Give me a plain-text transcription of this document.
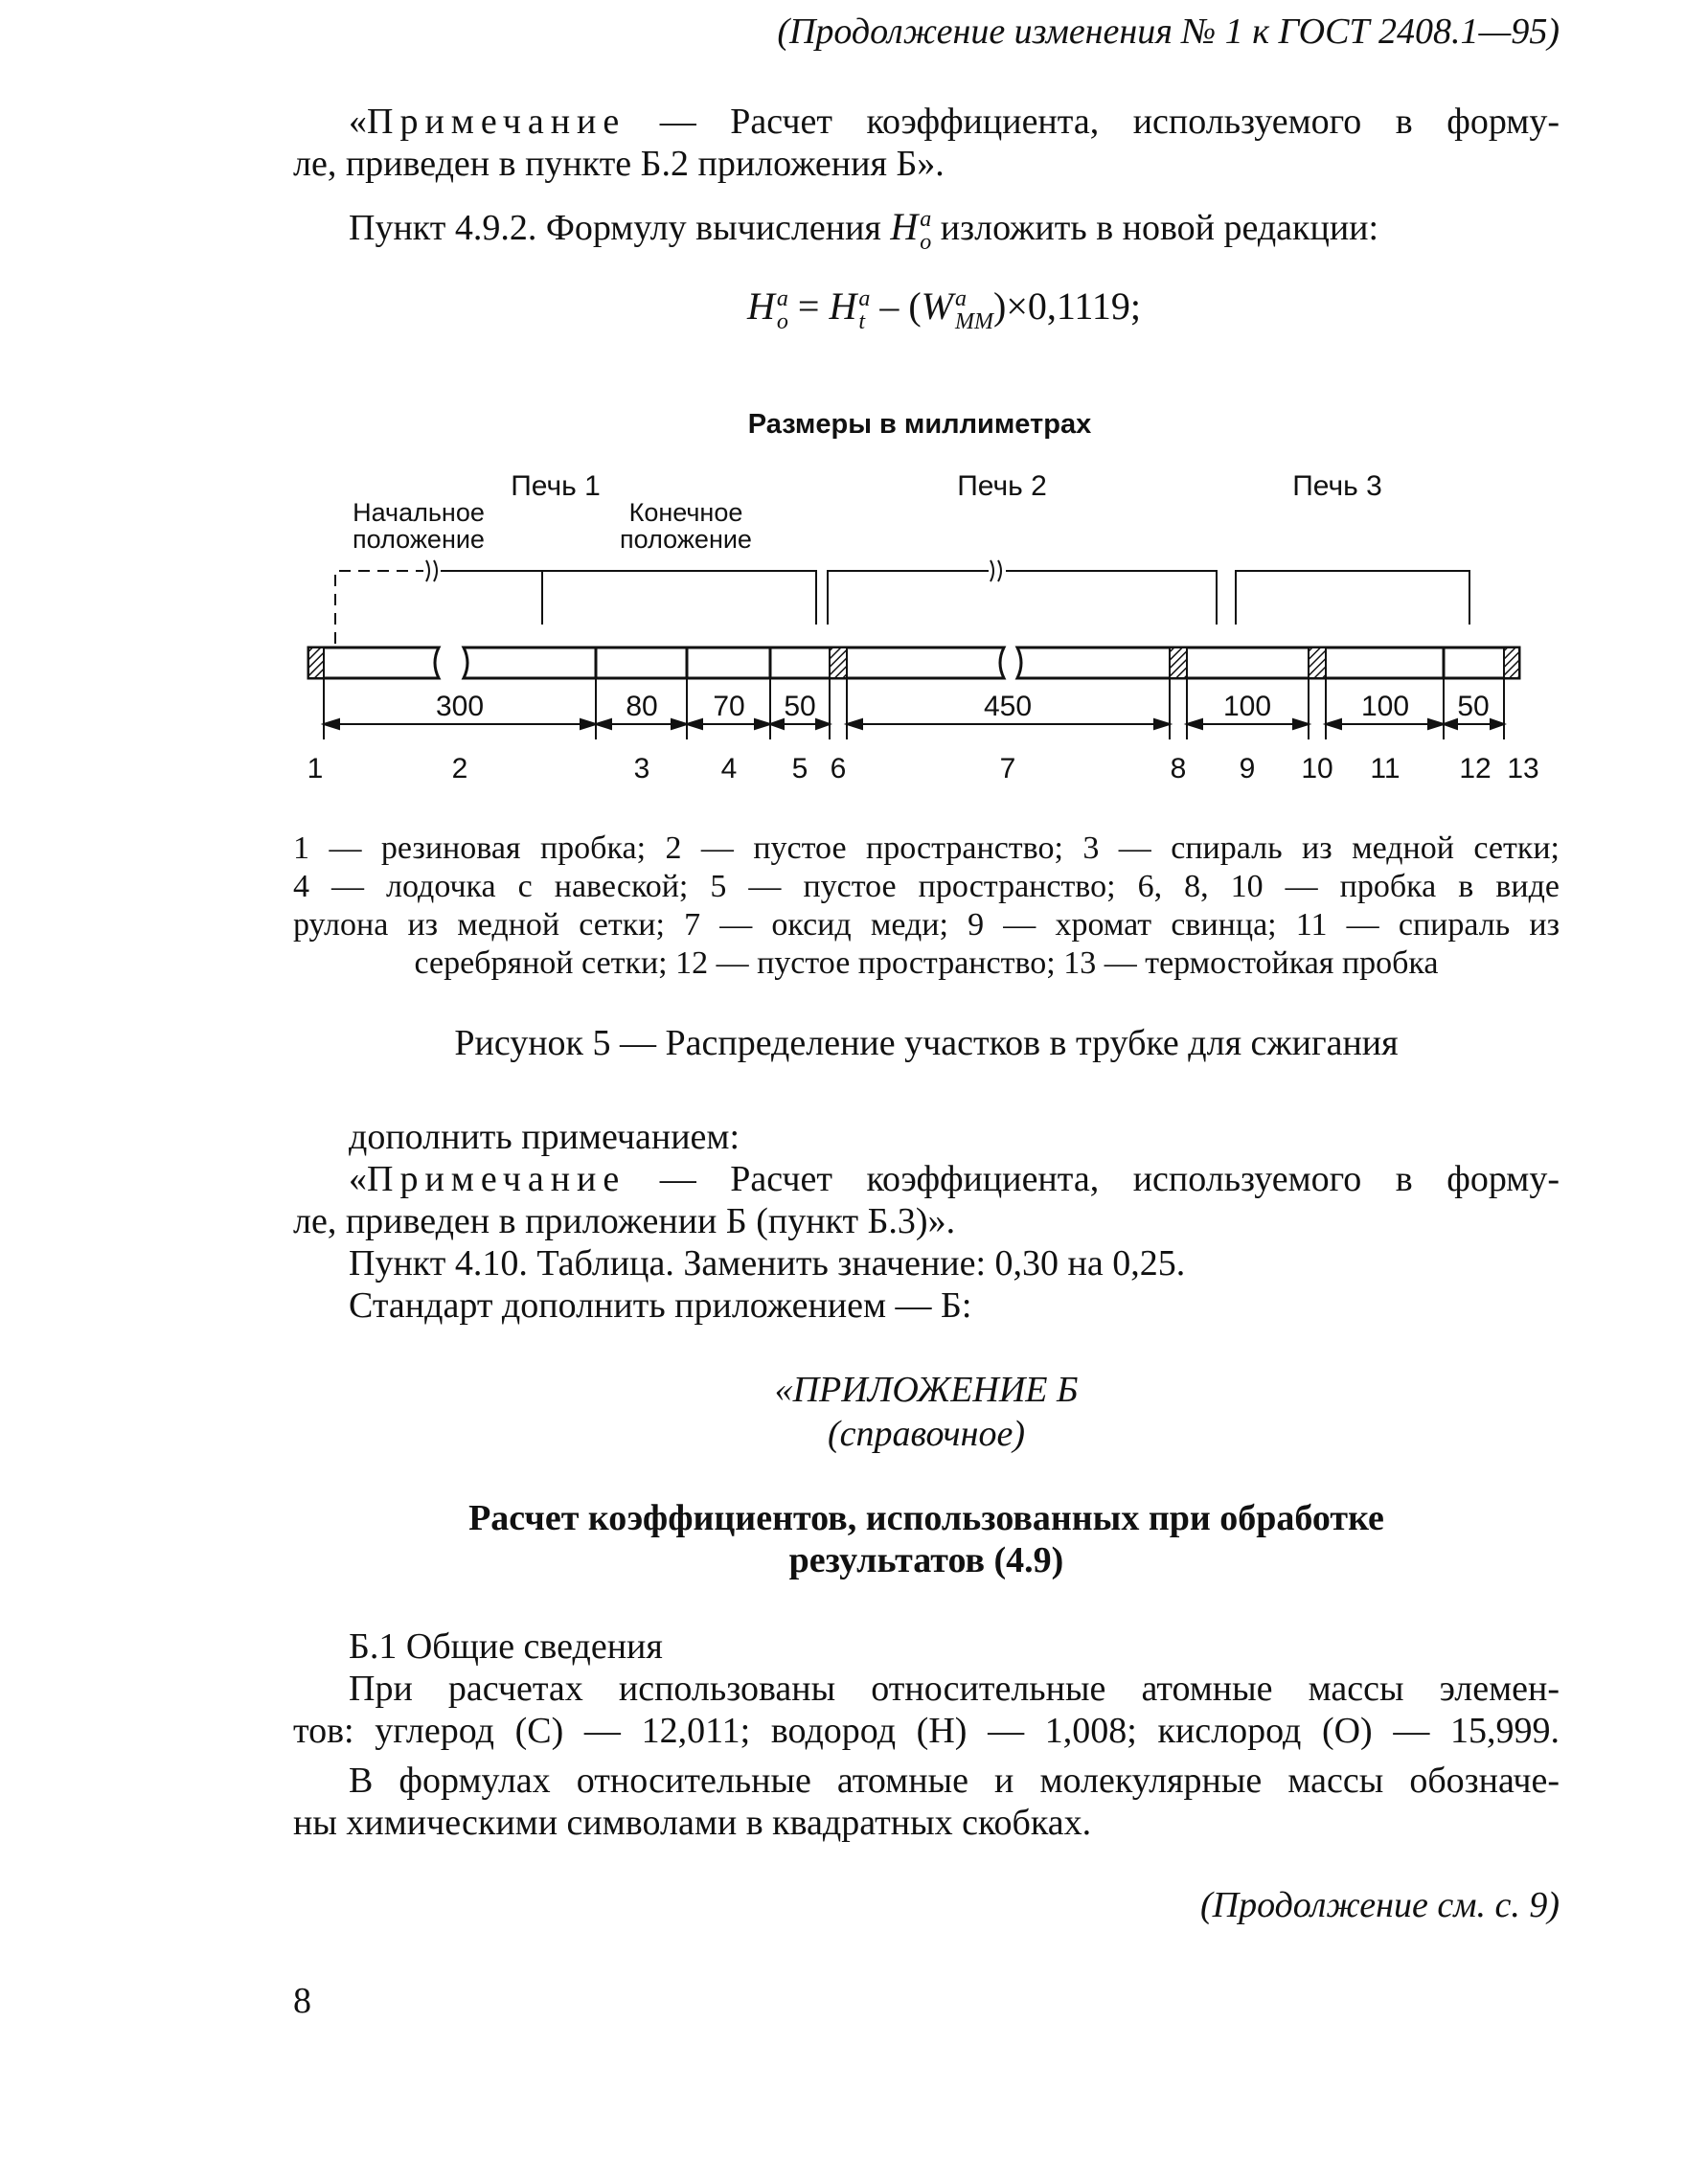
(Продолжение изменения № 1 к ГОСТ 2408.1—95)
«Примечание — Расчет коэффициента, используемого в форму-
ле, приведен в пункте Б.2 приложения Б».
Пункт 4.9.2. Формулу вычисления H a
o изложить в новой редакции:
H a
o = H a
t – (W a
MM )×0,1119;
Размеры в миллиметрах
Печь 1	Печь 2	Печь 3
Начальное
положение
Конечное
положение
300	80 70 50	450	100	100 50
1	2	3 4 5 6	7	8 9 10 11 12 13
1 — резиновая пробка; 2 — пустое пространство; 3 — спираль из медной сетки;
4 — лодочка с навеской; 5 — пустое пространство; 6, 8, 10 — пробка в виде
рулона из медной сетки; 7 — оксид меди; 9 — хромат свинца; 11 — спираль из
серебряной сетки; 12 — пустое пространство; 13 — термостойкая пробка
Рисунок 5 — Распределение участков в трубке для сжигания
дополнить примечанием:
«Примечание — Расчет коэффициента, используемого в форму-
ле, приведен в приложении Б (пункт Б.3)».
Пункт 4.10. Таблица. Заменить значение: 0,30 на 0,25.
Стандарт дополнить приложением — Б:
«ПРИЛОЖЕНИЕ Б
(справочное)
Расчет коэффициентов, использованных при обработке
результатов (4.9)
Б.1 Общие сведения
При расчетах использованы относительные атомные массы элемен-
тов: углерод (С) — 12,011; водород (Н) — 1,008; кислород (О) — 15,999.
В формулах относительные атомные и молекулярные массы обозначе-
ны химическими символами в квадратных скобках.
(Продолжение см. с. 9)
8
